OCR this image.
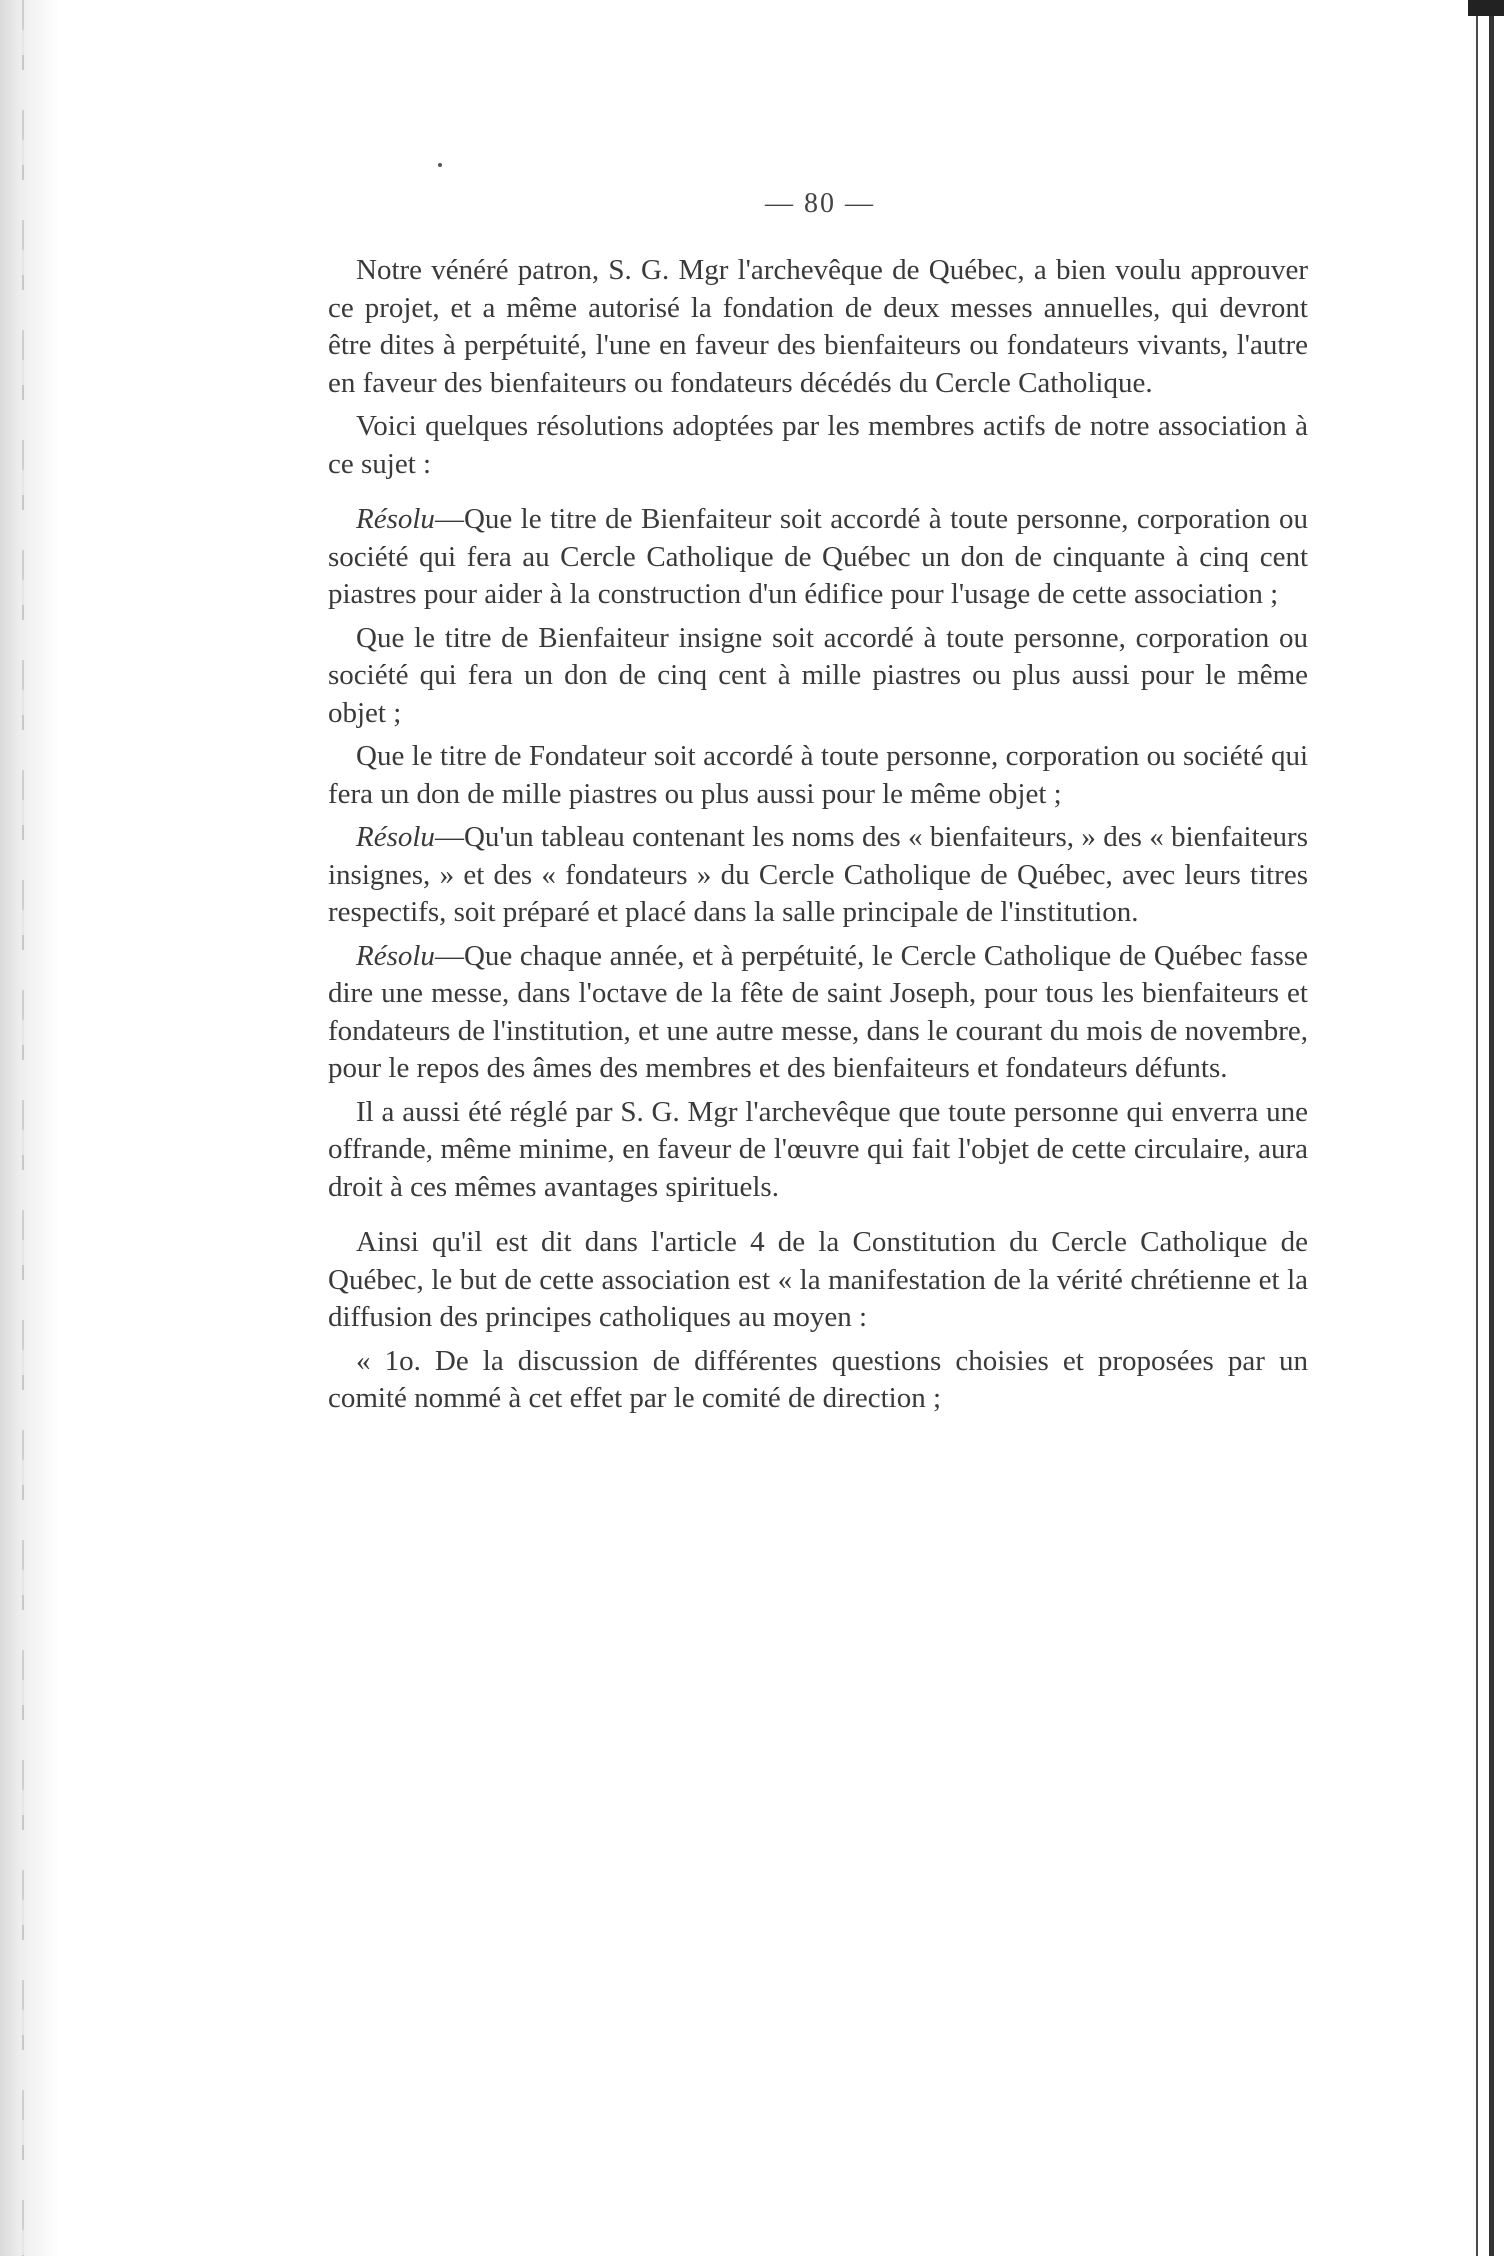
— 80 —

Notre vénéré patron, S. G. Mgr l'archevêque de Québec, a bien voulu approuver ce projet, et a même autorisé la fondation de deux messes annuelles, qui devront être dites à perpétuité, l'une en faveur des bienfaiteurs ou fondateurs vivants, l'autre en faveur des bienfaiteurs ou fondateurs décédés du Cercle Catholique.

Voici quelques résolutions adoptées par les membres actifs de notre association à ce sujet :

Résolu—Que le titre de Bienfaiteur soit accordé à toute personne, corporation ou société qui fera au Cercle Catholique de Québec un don de cinquante à cinq cent piastres pour aider à la construction d'un édifice pour l'usage de cette association ;

Que le titre de Bienfaiteur insigne soit accordé à toute personne, corporation ou société qui fera un don de cinq cent à mille piastres ou plus aussi pour le même objet ;

Que le titre de Fondateur soit accordé à toute personne, corporation ou société qui fera un don de mille piastres ou plus aussi pour le même objet ;

Résolu—Qu'un tableau contenant les noms des « bienfaiteurs, » des « bienfaiteurs insignes, » et des « fondateurs » du Cercle Catholique de Québec, avec leurs titres respectifs, soit préparé et placé dans la salle principale de l'institution.

Résolu—Que chaque année, et à perpétuité, le Cercle Catholique de Québec fasse dire une messe, dans l'octave de la fête de saint Joseph, pour tous les bienfaiteurs et fondateurs de l'institution, et une autre messe, dans le courant du mois de novembre, pour le repos des âmes des membres et des bienfaiteurs et fondateurs défunts.

Il a aussi été réglé par S. G. Mgr l'archevêque que toute personne qui enverra une offrande, même minime, en faveur de l'œuvre qui fait l'objet de cette circulaire, aura droit à ces mêmes avantages spirituels.

Ainsi qu'il est dit dans l'article 4 de la Constitution du Cercle Catholique de Québec, le but de cette association est « la manifestation de la vérité chrétienne et la diffusion des principes catholiques au moyen :

« 1o. De la discussion de différentes questions choisies et proposées par un comité nommé à cet effet par le comité de direction ;
